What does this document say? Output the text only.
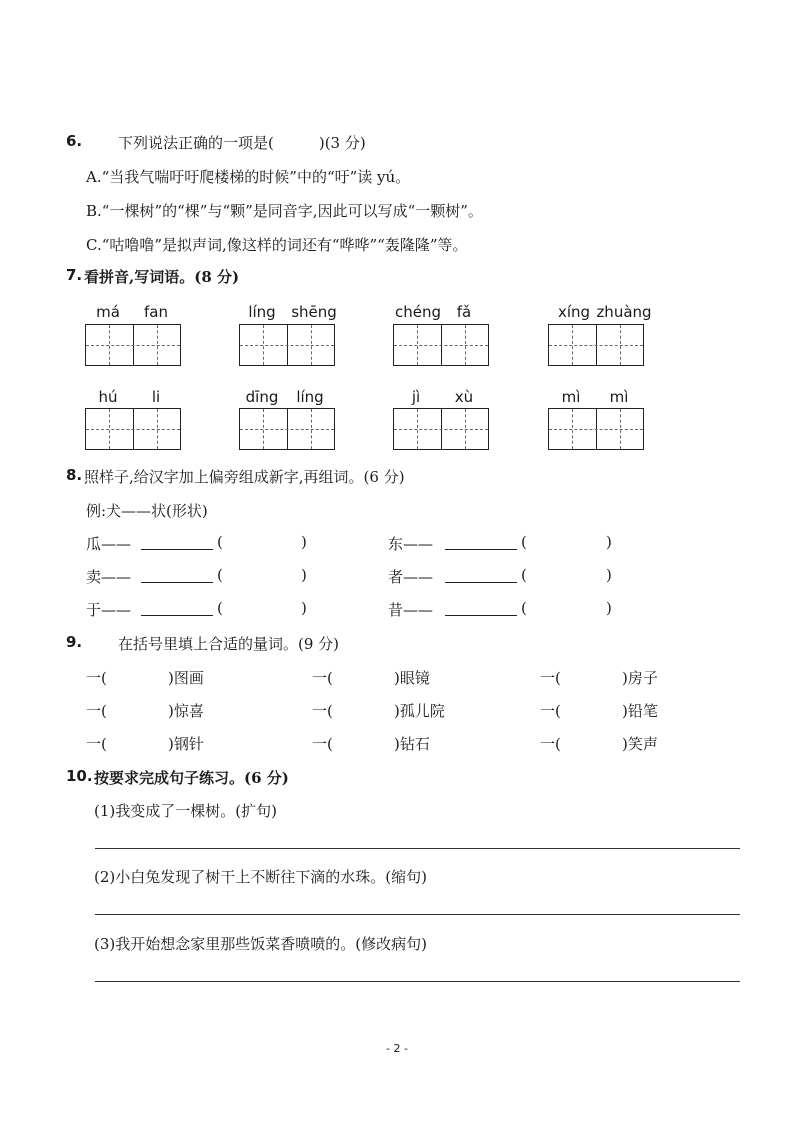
6. 下列说法正确的一项是(　　　)(3 分)
A.“当我气喘吁吁爬楼梯的时候”中的“吁”读 yú。
B.“一棵树”的“棵”与“颗”是同音字,因此可以写成“一颗树”。
C.“咕噜噜”是拟声词,像这样的词还有“哗哗”“轰隆隆”等。
7. 看拼音,写词语。(8 分)
má	fan	líng	shēng	chéng	fǎ	xíng zhuàng
hú	li	dīng	líng	jì	xù	mì	mì
8. 照样子,给汉字加上偏旁组成新字,再组词。(6 分)
例:犬——状(形状)
瓜——	(	)	东——	(	)
卖——	(	)	者——	(	)
于——	(	)	昔——	(	)
9. 在括号里填上合适的量词。(9 分)
一(	)图画	一(	)眼镜	一(	)房子
一(	)惊喜	一(	)孤儿院	一(	)铅笔
一(	)钢针	一(	)钻石	一(	)笑声
10. 按要求完成句子练习。(6 分)
(1)我变成了一棵树。(扩句)
(2)小白兔发现了树干上不断往下滴的水珠。(缩句)
(3)我开始想念家里那些饭菜香喷喷的。(修改病句)
- 2 -
